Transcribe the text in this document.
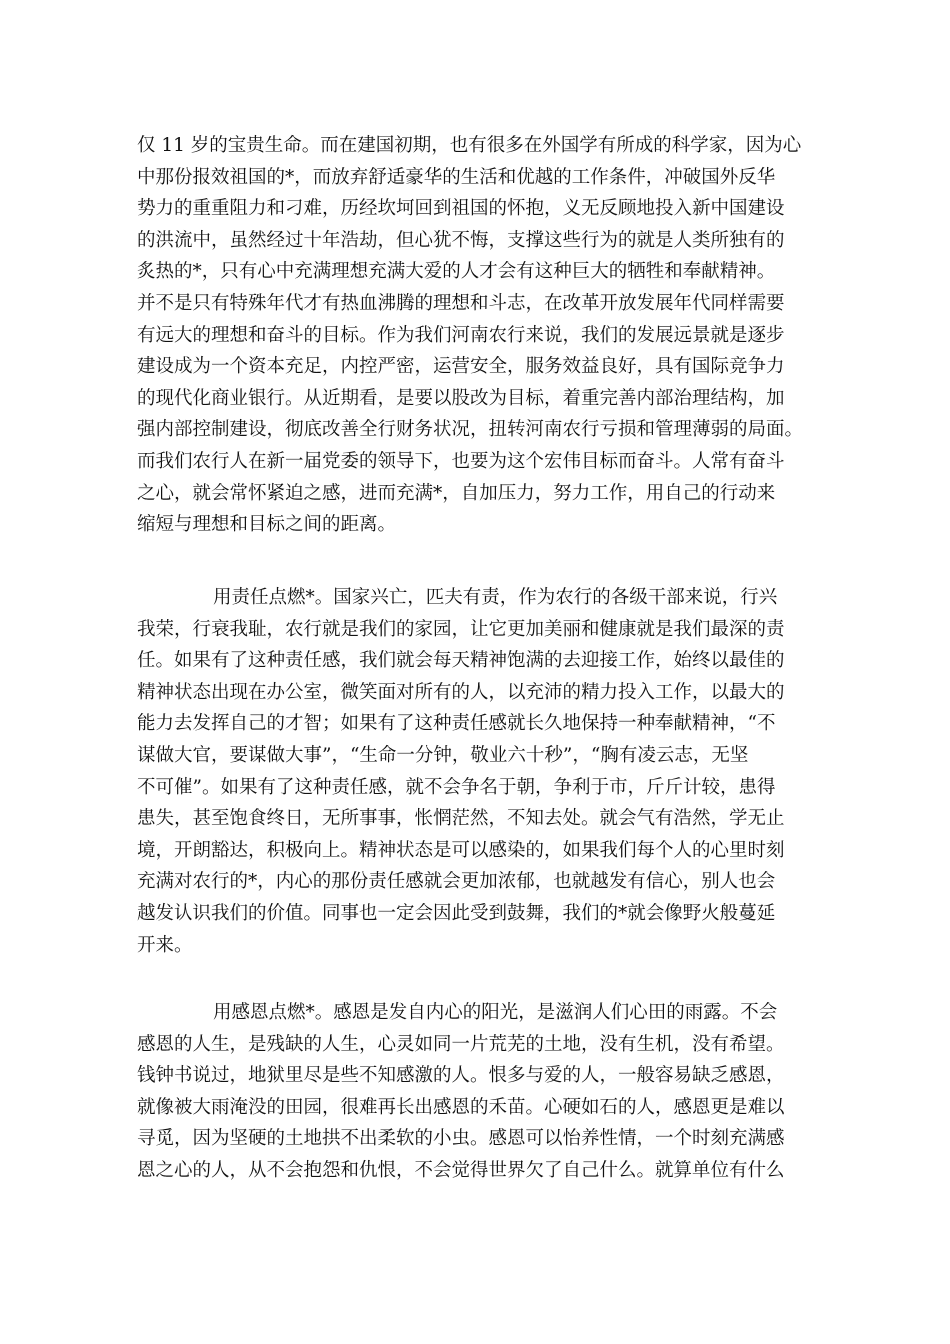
仅 11 岁的宝贵生命。而在建国初期，也有很多在外国学有所成的科学家，因为心
中那份报效祖国的*，而放弃舒适豪华的生活和优越的工作条件，冲破国外反华
势力的重重阻力和刁难，历经坎坷回到祖国的怀抱，义无反顾地投入新中国建设
的洪流中，虽然经过十年浩劫，但心犹不悔，支撑这些行为的就是人类所独有的
炙热的*，只有心中充满理想充满大爱的人才会有这种巨大的牺牲和奉献精神。
并不是只有特殊年代才有热血沸腾的理想和斗志，在改革开放发展年代同样需要
有远大的理想和奋斗的目标。作为我们河南农行来说，我们的发展远景就是逐步
建设成为一个资本充足，内控严密，运营安全，服务效益良好，具有国际竞争力
的现代化商业银行。从近期看，是要以股改为目标，着重完善内部治理结构，加
强内部控制建设，彻底改善全行财务状况，扭转河南农行亏损和管理薄弱的局面。
而我们农行人在新一届党委的领导下，也要为这个宏伟目标而奋斗。人常有奋斗
之心，就会常怀紧迫之感，进而充满*，自加压力，努力工作，用自己的行动来
缩短与理想和目标之间的距离。
用责任点燃*。国家兴亡，匹夫有责，作为农行的各级干部来说，行兴
我荣，行衰我耻，农行就是我们的家园，让它更加美丽和健康就是我们最深的责
任。如果有了这种责任感，我们就会每天精神饱满的去迎接工作，始终以最佳的
精神状态出现在办公室，微笑面对所有的人，以充沛的精力投入工作，以最大的
能力去发挥自己的才智；如果有了这种责任感就长久地保持一种奉献精神，“不
谋做大官，要谋做大事”，“生命一分钟，敬业六十秒”，“胸有凌云志，无坚
不可催”。如果有了这种责任感，就不会争名于朝，争利于市，斤斤计较，患得
患失，甚至饱食终日，无所事事，怅惘茫然，不知去处。就会气有浩然，学无止
境，开朗豁达，积极向上。精神状态是可以感染的，如果我们每个人的心里时刻
充满对农行的*，内心的那份责任感就会更加浓郁，也就越发有信心，别人也会
越发认识我们的价值。同事也一定会因此受到鼓舞，我们的*就会像野火般蔓延
开来。
用感恩点燃*。感恩是发自内心的阳光，是滋润人们心田的雨露。不会
感恩的人生，是残缺的人生，心灵如同一片荒芜的土地，没有生机，没有希望。
钱钟书说过，地狱里尽是些不知感激的人。恨多与爱的人，一般容易缺乏感恩，
就像被大雨淹没的田园，很难再长出感恩的禾苗。心硬如石的人，感恩更是难以
寻觅，因为坚硬的土地拱不出柔软的小虫。感恩可以怡养性情，一个时刻充满感
恩之心的人，从不会抱怨和仇恨，不会觉得世界欠了自己什么。就算单位有什么
